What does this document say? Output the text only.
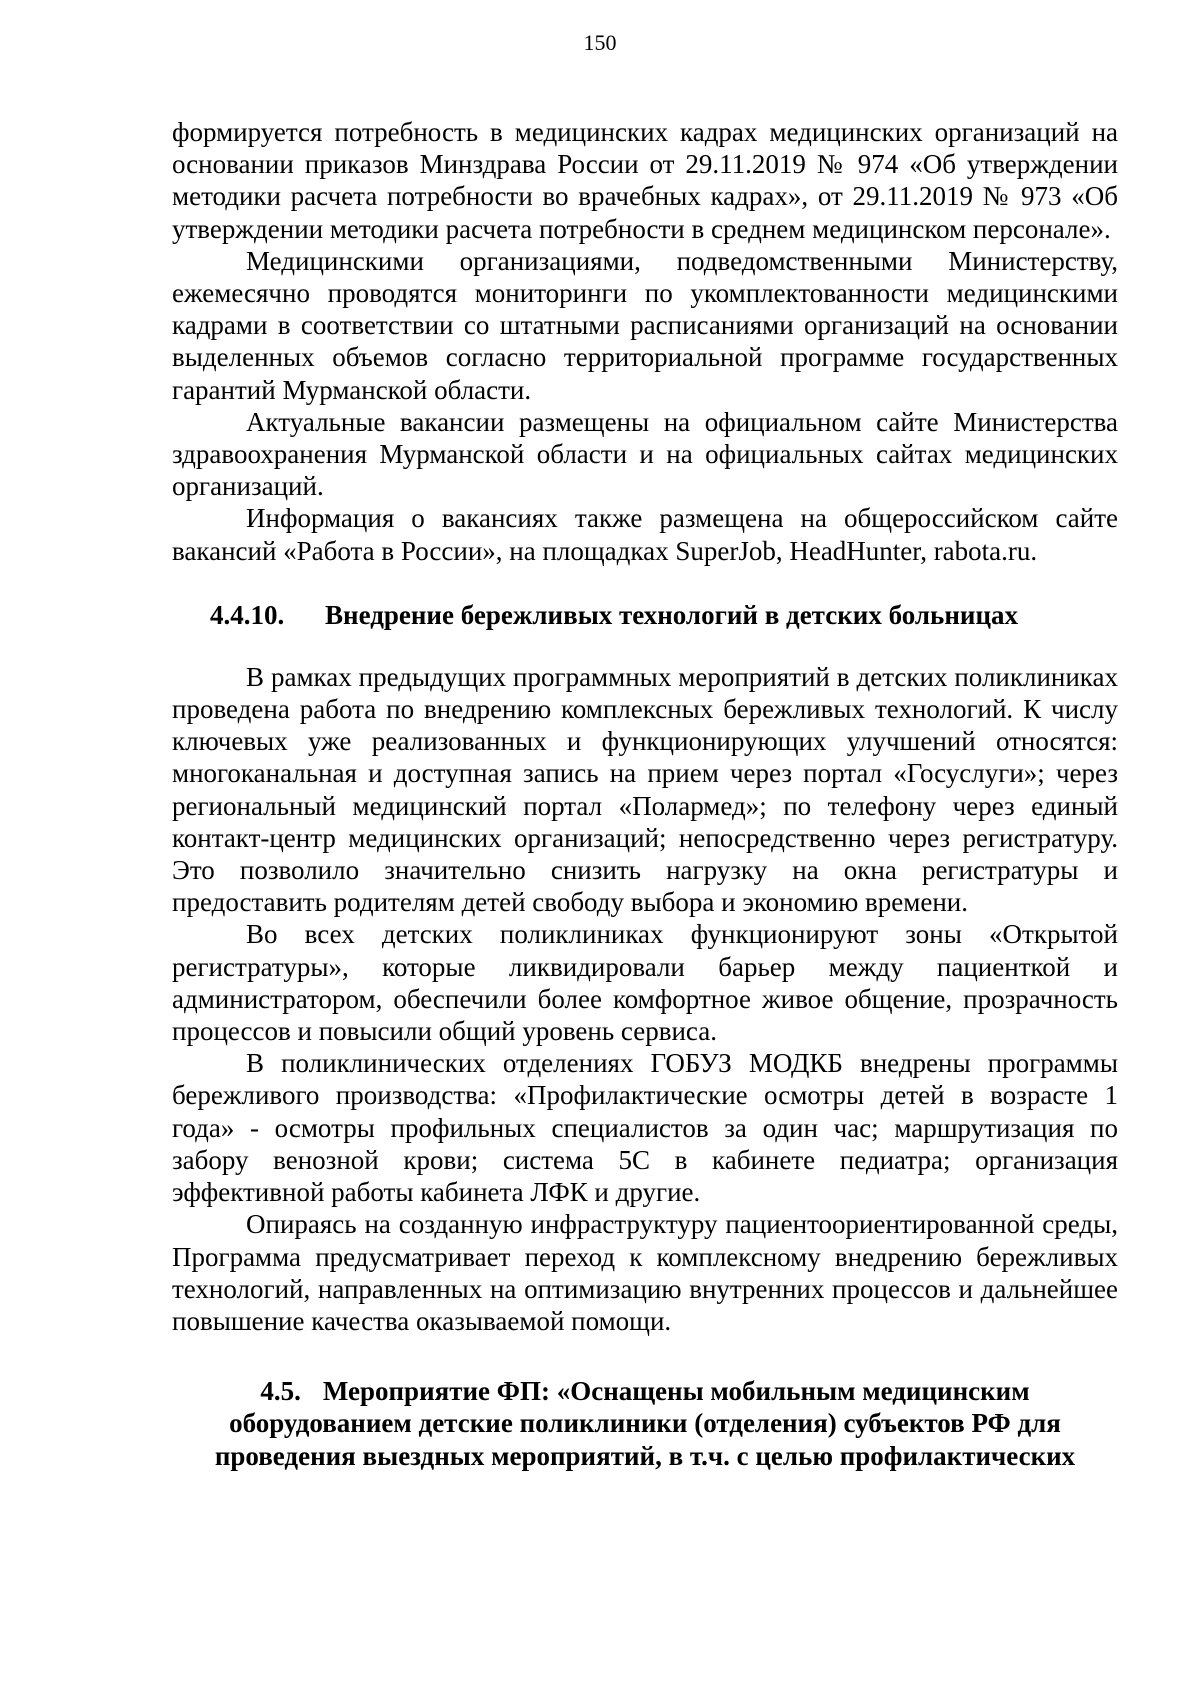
150

формируется потребность в медицинских кадрах медицинских организаций на основании приказов Минздрава России от 29.11.2019 № 974 «Об утверждении методики расчета потребности во врачебных кадрах», от 29.11.2019 № 973 «Об утверждении методики расчета потребности в среднем медицинском персонале».

Медицинскими организациями, подведомственными Министерству, ежемесячно проводятся мониторинги по укомплектованности медицинскими кадрами в соответствии со штатными расписаниями организаций на основании выделенных объемов согласно территориальной программе государственных гарантий Мурманской области.

Актуальные вакансии размещены на официальном сайте Министерства здравоохранения Мурманской области и на официальных сайтах медицинских организаций.

Информация о вакансиях также размещена на общероссийском сайте вакансий «Работа в России», на площадках SuperJob, HeadHunter, rabota.ru.

4.4.10. Внедрение бережливых технологий в детских больницах

В рамках предыдущих программных мероприятий в детских поликлиниках проведена работа по внедрению комплексных бережливых технологий. К числу ключевых уже реализованных и функционирующих улучшений относятся: многоканальная и доступная запись на прием через портал «Госуслуги»; через региональный медицинский портал «Полармед»; по телефону через единый контакт-центр медицинских организаций; непосредственно через регистратуру. Это позволило значительно снизить нагрузку на окна регистратуры и предоставить родителям детей свободу выбора и экономию времени.

Во всех детских поликлиниках функционируют зоны «Открытой регистратуры», которые ликвидировали барьер между пациенткой и администратором, обеспечили более комфортное живое общение, прозрачность процессов и повысили общий уровень сервиса.

В поликлинических отделениях ГОБУЗ МОДКБ внедрены программы бережливого производства: «Профилактические осмотры детей в возрасте 1 года» - осмотры профильных специалистов за один час; маршрутизация по забору венозной крови; система 5С в кабинете педиатра; организация эффективной работы кабинета ЛФК и другие.

Опираясь на созданную инфраструктуру пациентоориентированной среды, Программа предусматривает переход к комплексному внедрению бережливых технологий, направленных на оптимизацию внутренних процессов и дальнейшее повышение качества оказываемой помощи.

4.5. Мероприятие ФП: «Оснащены мобильным медицинским оборудованием детские поликлиники (отделения) субъектов РФ для проведения выездных мероприятий, в т.ч. с целью профилактических
